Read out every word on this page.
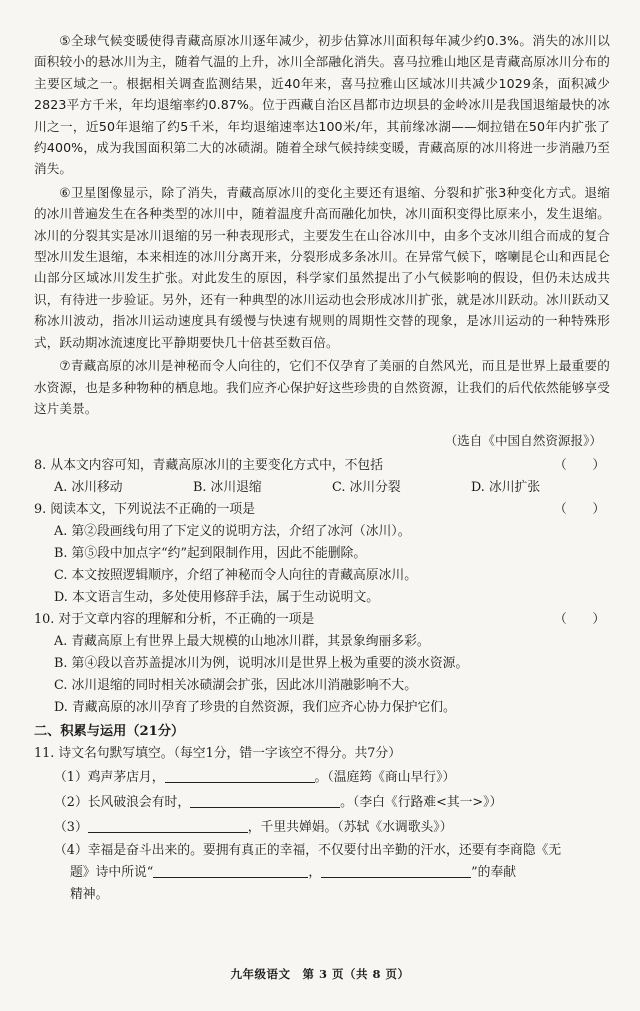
⑤全球气候变暖使得青藏高原冰川逐年减少，初步估算冰川面积每年减少约0.3%。消失的冰川以面积较小的悬冰川为主，随着气温的上升，冰川全部融化消失。喜马拉雅山地区是青藏高原冰川分布的主要区域之一。根据相关调查监测结果，近40年来，喜马拉雅山区域冰川共减少1029条，面积减少2823平方千米，年均退缩率约0.87%。位于西藏自治区昌都市边坝县的金岭冰川是我国退缩最快的冰川之一，近50年退缩了约5千米，年均退缩速率达100米/年，其前缘冰湖——炯拉错在50年内扩张了约400%，成为我国面积第二大的冰碛湖。随着全球气候持续变暖，青藏高原的冰川将进一步消融乃至消失。

⑥卫星图像显示，除了消失，青藏高原冰川的变化主要还有退缩、分裂和扩张3种变化方式。退缩的冰川普遍发生在各种类型的冰川中，随着温度升高而融化加快，冰川面积变得比原来小，发生退缩。冰川的分裂其实是冰川退缩的另一种表现形式，主要发生在山谷冰川中，由多个支冰川组合而成的复合型冰川发生退缩，本来相连的冰川分离开来，分裂形成多条冰川。在异常气候下，喀喇昆仑山和西昆仑山部分区域冰川发生扩张。对此发生的原因，科学家们虽然提出了小气候影响的假设，但仍未达成共识，有待进一步验证。另外，还有一种典型的冰川运动也会形成冰川扩张，就是冰川跃动。冰川跃动又称冰川波动，指冰川运动速度具有缓慢与快速有规则的周期性交替的现象，是冰川运动的一种特殊形式，跃动期冰流速度比平静期要快几十倍甚至数百倍。

⑦青藏高原的冰川是神秘而令人向往的，它们不仅孕育了美丽的自然风光，而且是世界上最重要的水资源，也是多种物种的栖息地。我们应齐心保护好这些珍贵的自然资源，让我们的后代依然能够享受这片美景。

（选自《中国自然资源报》）
8. 从本文内容可知，青藏高原冰川的主要变化方式中，不包括	（　　）
A. 冰川移动	B. 冰川退缩	C. 冰川分裂	D. 冰川扩张
9. 阅读本文，下列说法不正确的一项是	（　　）
A. 第②段画线句用了下定义的说明方法，介绍了冰河（冰川）。
B. 第⑤段中加点字“约”起到限制作用，因此不能删除。
C. 本文按照逻辑顺序，介绍了神秘而令人向往的青藏高原冰川。
D. 本文语言生动，多处使用修辞手法，属于生动说明文。
10. 对于文章内容的理解和分析，不正确的一项是	（　　）
A. 青藏高原上有世界上最大规模的山地冰川群，其景象绚丽多彩。
B. 第④段以音苏盖提冰川为例，说明冰川是世界上极为重要的淡水资源。
C. 冰川退缩的同时相关冰碛湖会扩张，因此冰川消融影响不大。
D. 青藏高原的冰川孕育了珍贵的自然资源，我们应齐心协力保护它们。
二、积累与运用（21分）
11. 诗文名句默写填空。（每空1分，错一字该空不得分。共7分）
（1）鸡声茅店月，	。（温庭筠《商山早行》）
（2）长风破浪会有时，	。（李白《行路难<其一>》）
（3）	，千里共婵娟。（苏轼《水调歌头》）
（4）幸福是奋斗出来的。要拥有真正的幸福，不仅要付出辛勤的汗水，还要有李商隐《无
题》诗中所说“	，	”的奉献
精神。
九年级语文　第 3 页（共 8 页）
